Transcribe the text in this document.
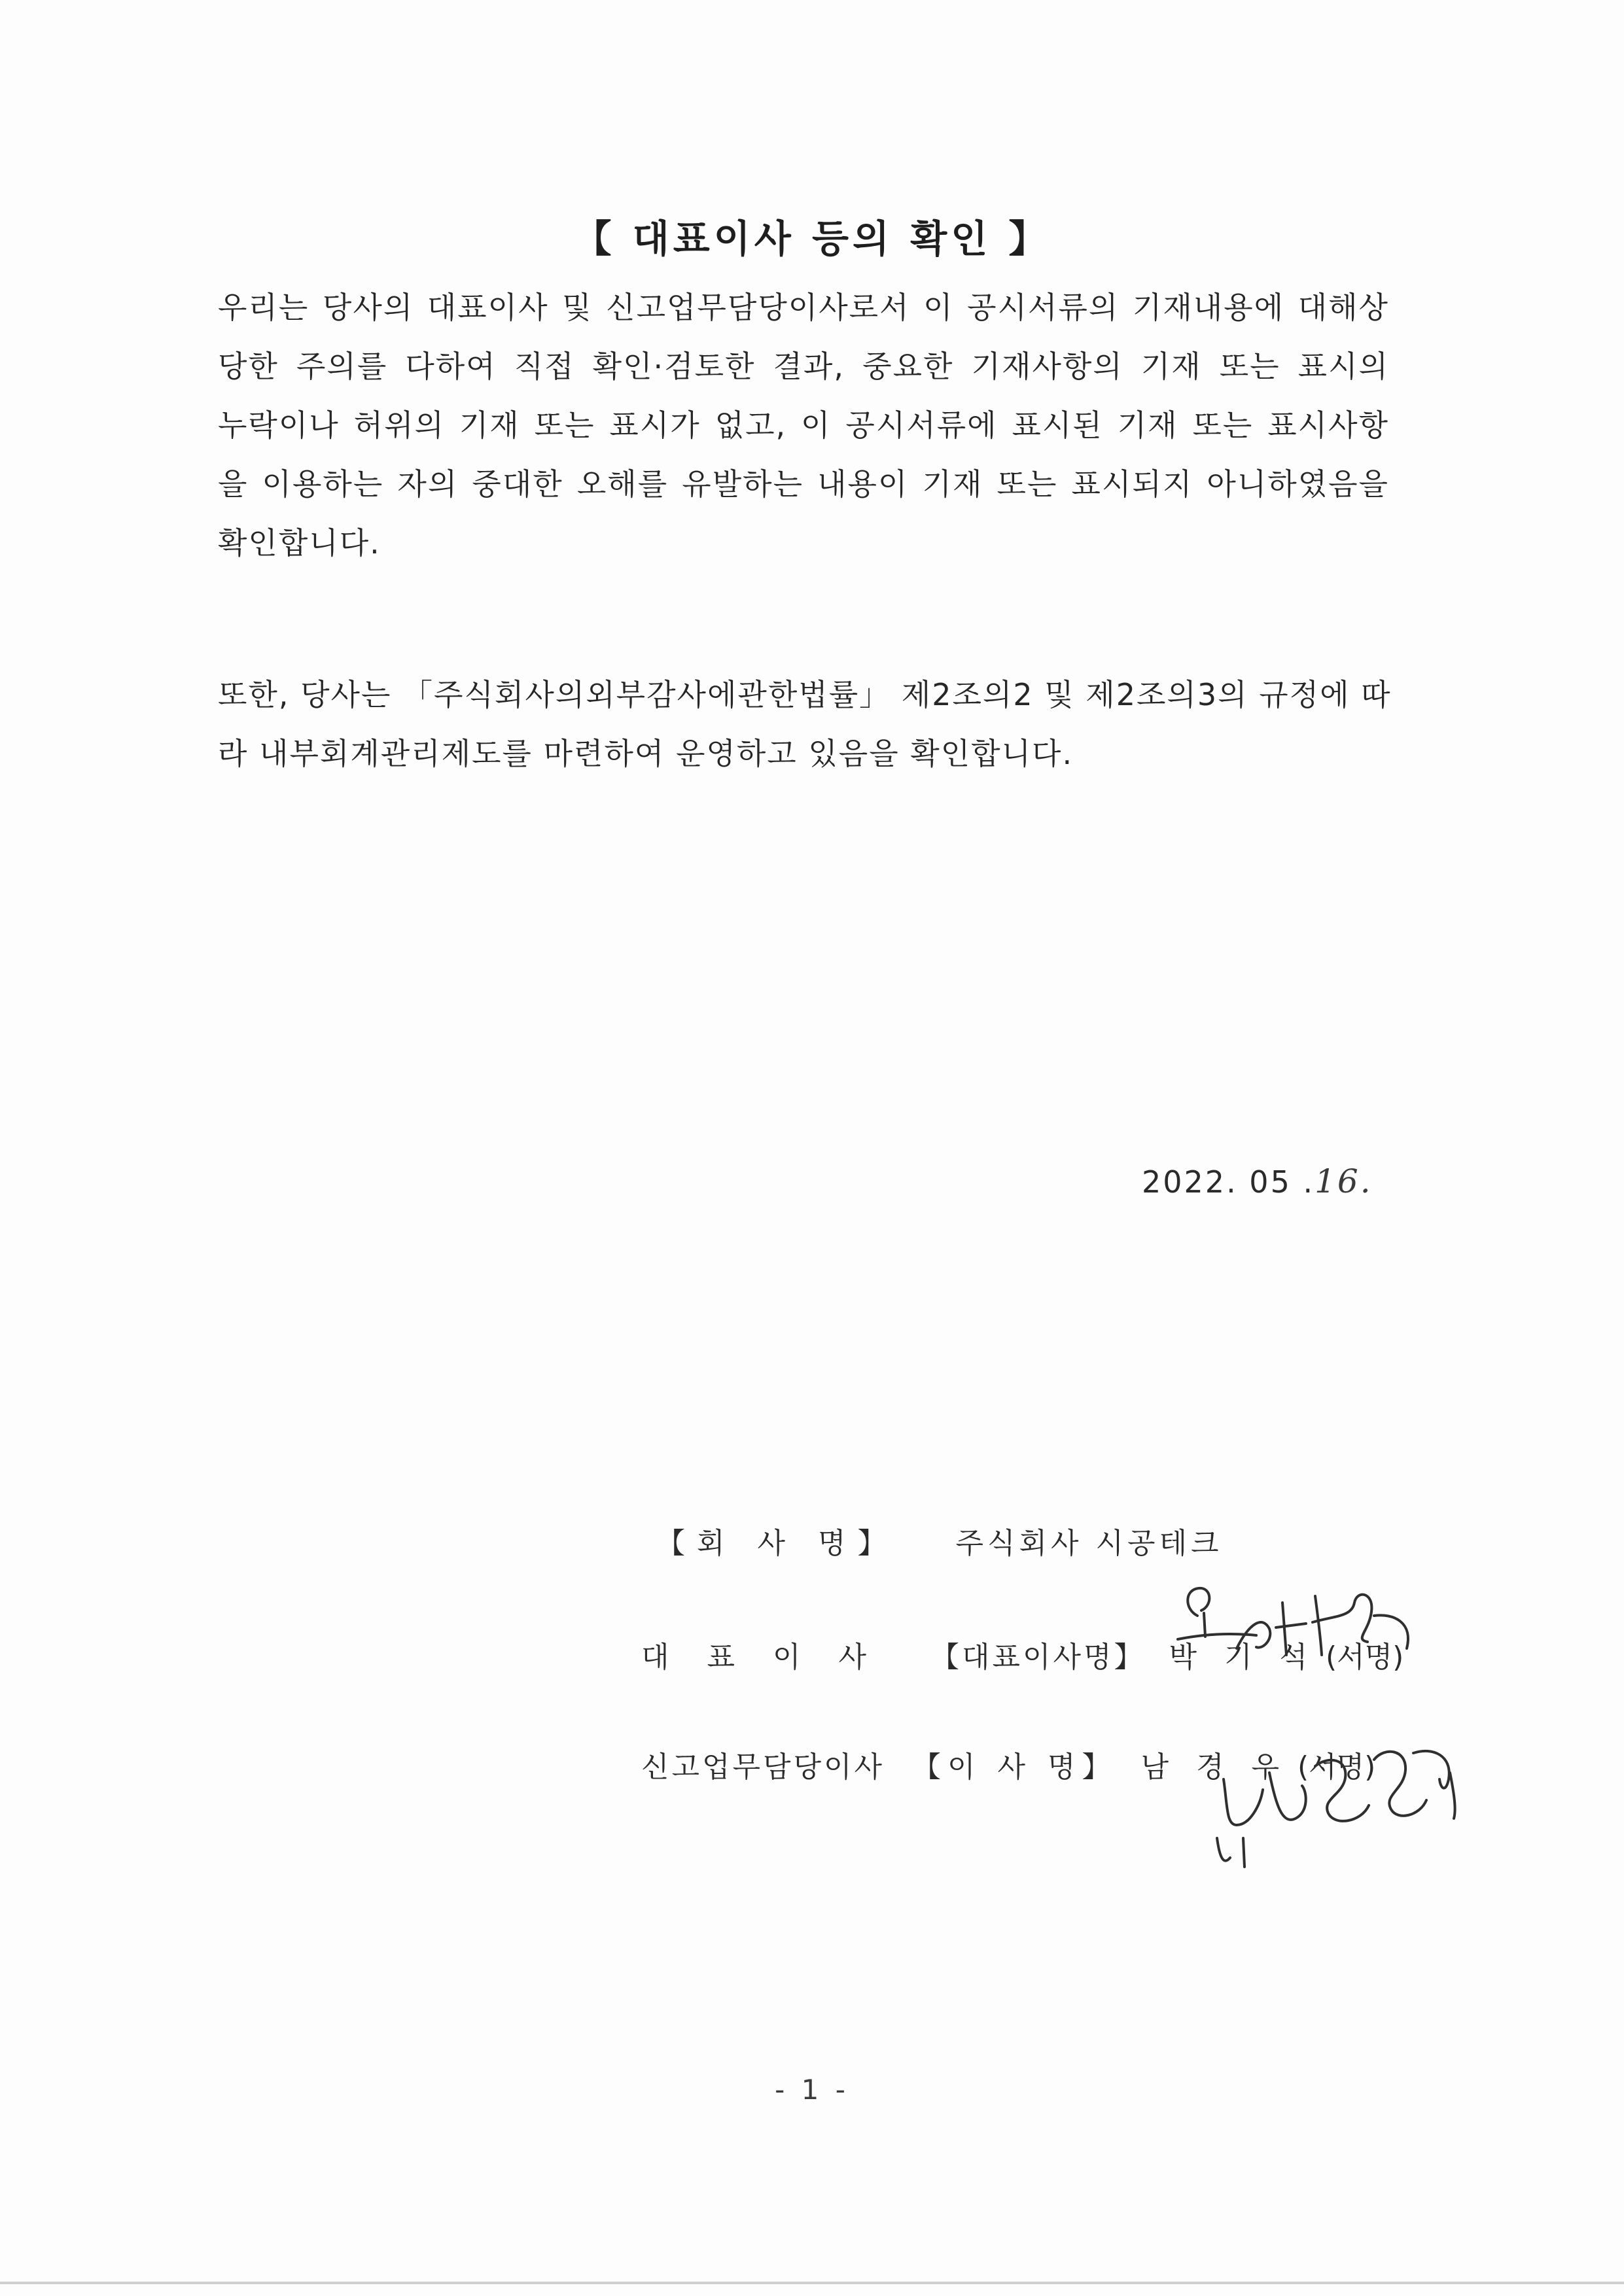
【 대표이사 등의 확인 】
우리는 당사의 대표이사 및 신고업무담당이사로서 이 공시서류의 기재내용에 대해상
당한 주의를 다하여 직접 확인·검토한 결과, 중요한 기재사항의 기재 또는 표시의
누락이나 허위의 기재 또는 표시가 없고, 이 공시서류에 표시된 기재 또는 표시사항
을 이용하는 자의 중대한 오해를 유발하는 내용이 기재 또는 표시되지 아니하였음을
확인합니다.
또한, 당사는 「주식회사의외부감사에관한법률」 제2조의2 및 제2조의3의 규정에 따
라 내부회계관리제도를 마련하여 운영하고 있음을 확인합니다.
2022. 05 .16.
【회 사 명】 주식회사 시공테크
대 표 이 사 【대표이사명】 박 기 석 (서명)
신고업무담당이사 【이 사 명】 남 경 우 (서명)
- 1 -
